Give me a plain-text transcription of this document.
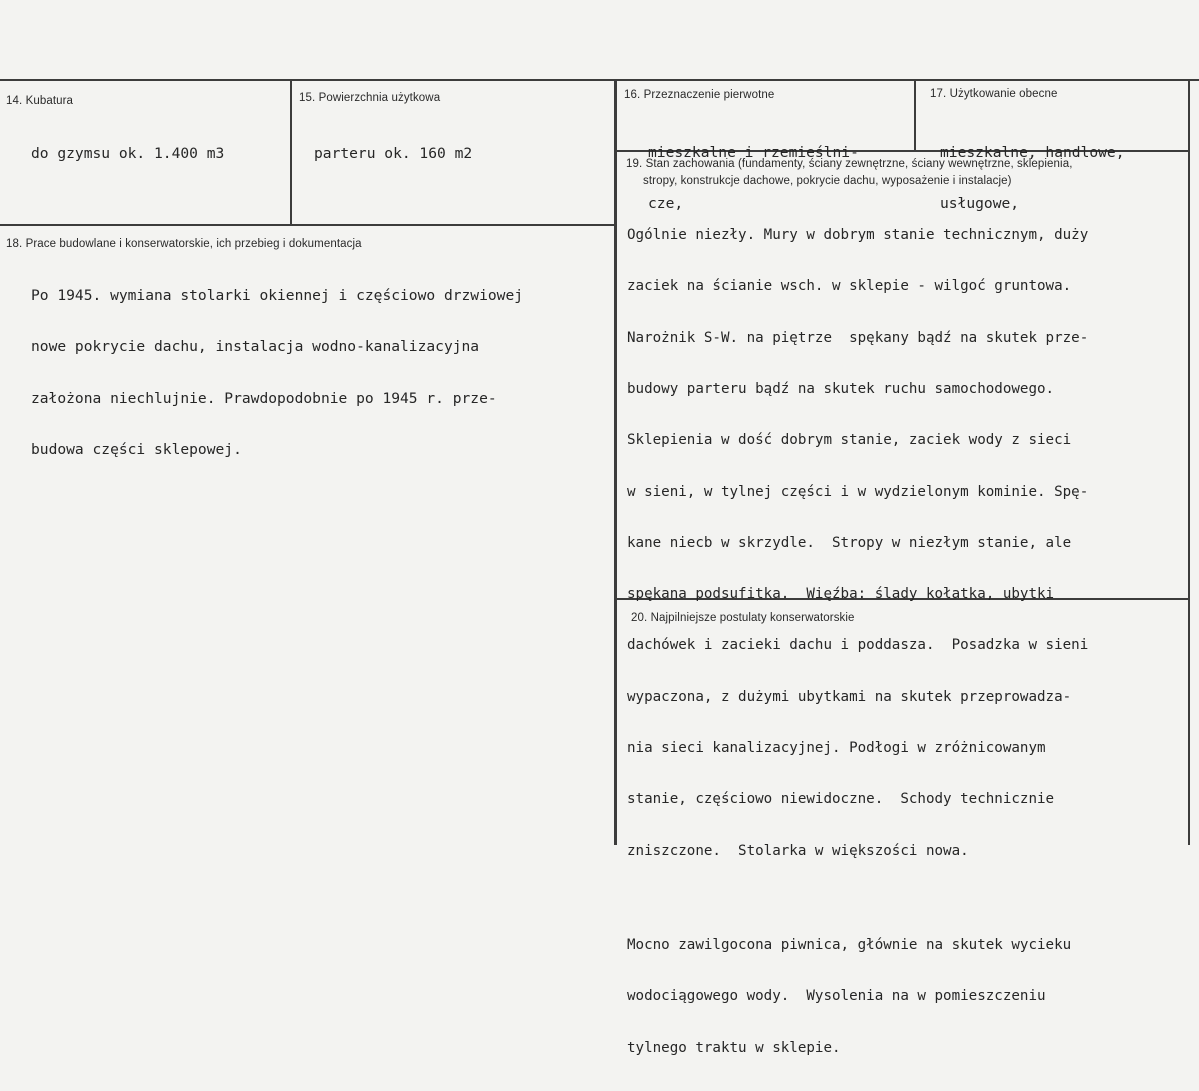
14. Kubatura

do gzymsu ok. 1.400 m3

15. Powierzchnia użytkowa

parteru ok. 160 m2

16. Przeznaczenie pierwotne

mieszkalne i rzemieślni-

cze,

17. Użytkowanie obecne

mieszkalne, handlowe,

usługowe,

18. Prace budowlane i konserwatorskie, ich przebieg i dokumentacja

Po 1945. wymiana stolarki okiennej i częściowo drzwiowej

nowe pokrycie dachu, instalacja wodno-kanalizacyjna

założona niechlujnie. Prawdopodobnie po 1945 r. prze-

budowa części sklepowej.

19. Stan zachowania (fundamenty, ściany zewnętrzne, ściany wewnętrzne, sklepienia,
stropy, konstrukcje dachowe, pokrycie dachu, wyposażenie i instalacje)

Ogólnie niezły. Mury w dobrym stanie technicznym, duży

zaciek na ścianie wsch. w sklepie - wilgoć gruntowa.

Narożnik S-W. na piętrze  spękany bądź na skutek prze-

budowy parteru bądź na skutek ruchu samochodowego.

Sklepienia w dość dobrym stanie, zaciek wody z sieci

w sieni, w tylnej części i w wydzielonym kominie. Spę-

kane niecb w skrzydle.  Stropy w niezłym stanie, ale

spękana podsufitka.  Więźba: ślady kołatka, ubytki

dachówek i zacieki dachu i poddasza.  Posadzka w sieni

wypaczona, z dużymi ubytkami na skutek przeprowadza-

nia sieci kanalizacyjnej. Podłogi w zróżnicowanym

stanie, częściowo niewidoczne.  Schody technicznie

zniszczone.  Stolarka w większości nowa.

Mocno zawilgocona piwnica, głównie na skutek wycieku

wodociągowego wody.  Wysolenia na w pomieszczeniu

tylnego traktu w sklepie.

20. Najpilniejsze postulaty konserwatorskie
